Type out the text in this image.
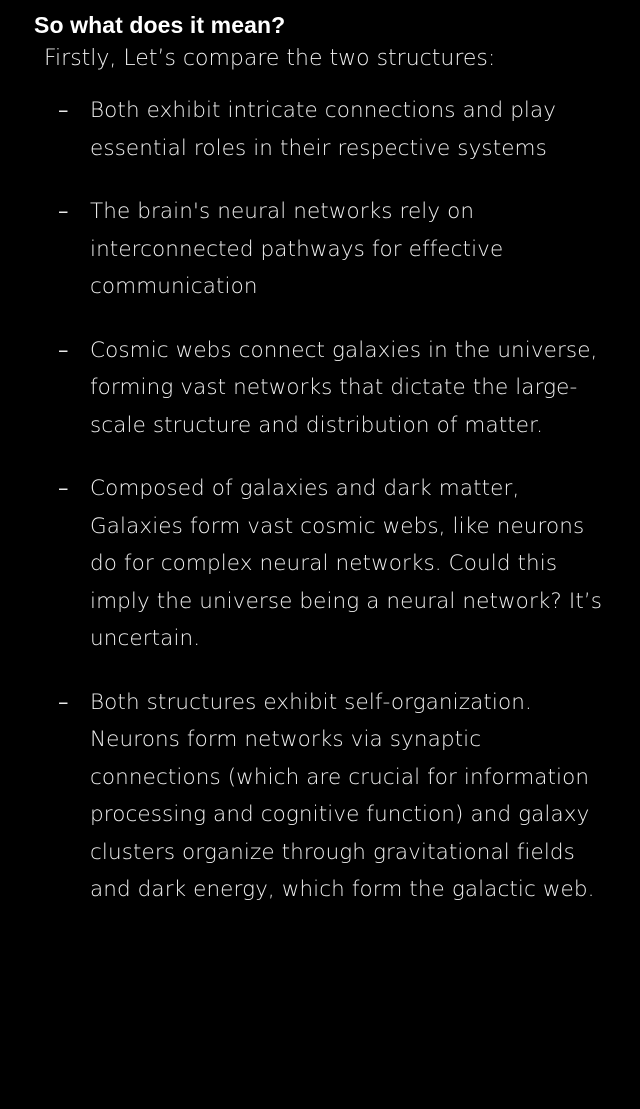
So what does it mean?

Firstly, Let’s compare the two structures:

–	Both exhibit intricate connections and play essential roles in their respective systems
–	The brain's neural networks rely on interconnected pathways for effective communication
–	Cosmic webs connect galaxies in the universe, forming vast networks that dictate the large-scale structure and distribution of matter.
–	Composed of galaxies and dark matter, Galaxies form vast cosmic webs, like neurons do for complex neural networks. Could this imply the universe being a neural network? It’s uncertain.
–	Both structures exhibit self-organization. Neurons form networks via synaptic connections (which are crucial for information processing and cognitive function) and galaxy clusters organize through gravitational fields and dark energy, which form the galactic web.
